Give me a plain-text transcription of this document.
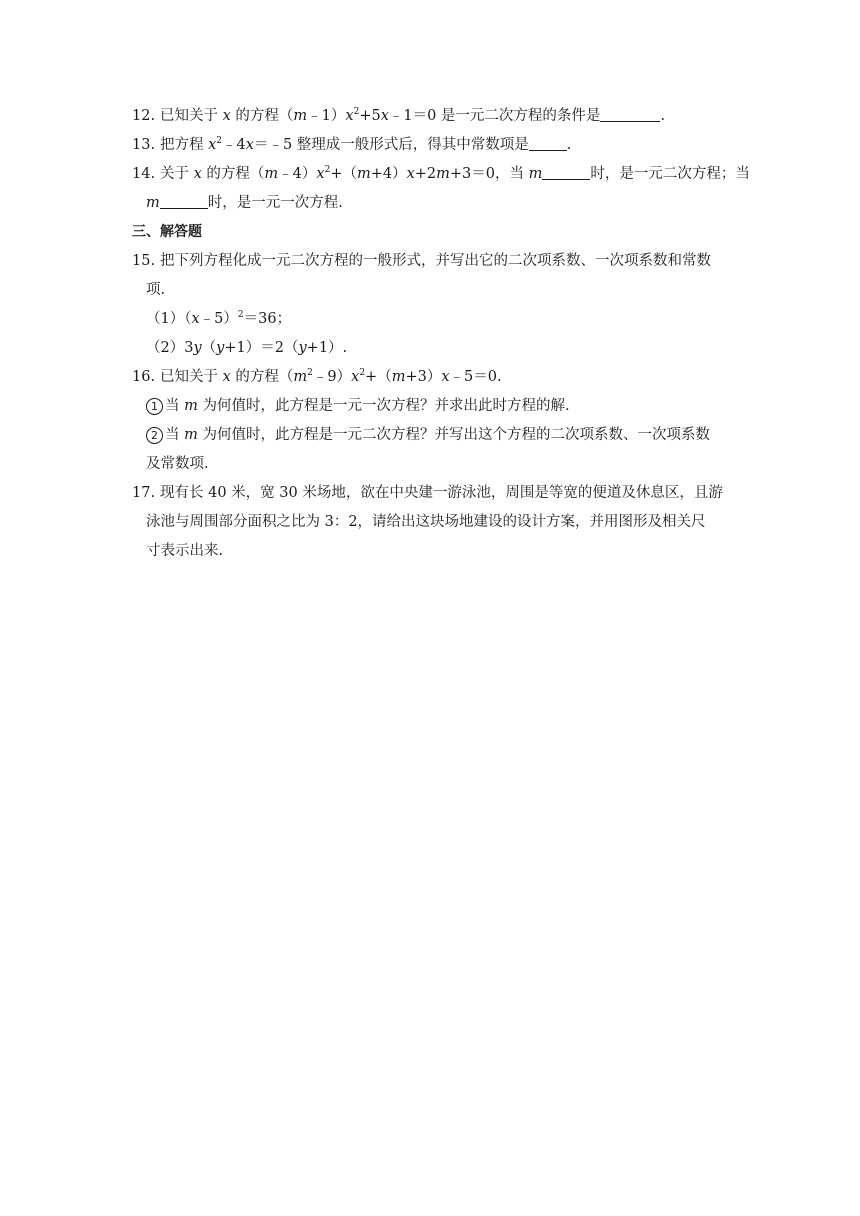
12. 已知关于 x 的方程$(m﹣1)x^2+5x﹣1=0$ 是一元二次方程的条件是	.
13. 把方程 $x^2﹣4x=﹣5$ 整理成一般形式后，得其中常数项是	.
14. 关于 x 的方程$(m﹣4)x^2+(m+4)x+2m+3=0$，当 m	时，是一元二次方程；当
m	时，是一元一次方程.
三、解答题
15. 把下列方程化成一元二次方程的一般形式，并写出它的二次项系数、一次项系数和常数
项.
（1）（x﹣5）$^2$＝36；
（2）3y（y+1）＝2（y+1）.
16. 已知关于 x 的方程$(m^2﹣9)x^2+(m+3)x﹣5=0$.
1 当 m 为何值时，此方程是一元一次方程？并求出此时方程的解.
2 当 m 为何值时，此方程是一元二次方程？并写出这个方程的二次项系数、一次项系数
及常数项.
17. 现有长 40 米，宽 30 米场地，欲在中央建一游泳池，周围是等宽的便道及休息区，且游
泳池与周围部分面积之比为 3：2，请给出这块场地建设的设计方案，并用图形及相关尺
寸表示出来.
